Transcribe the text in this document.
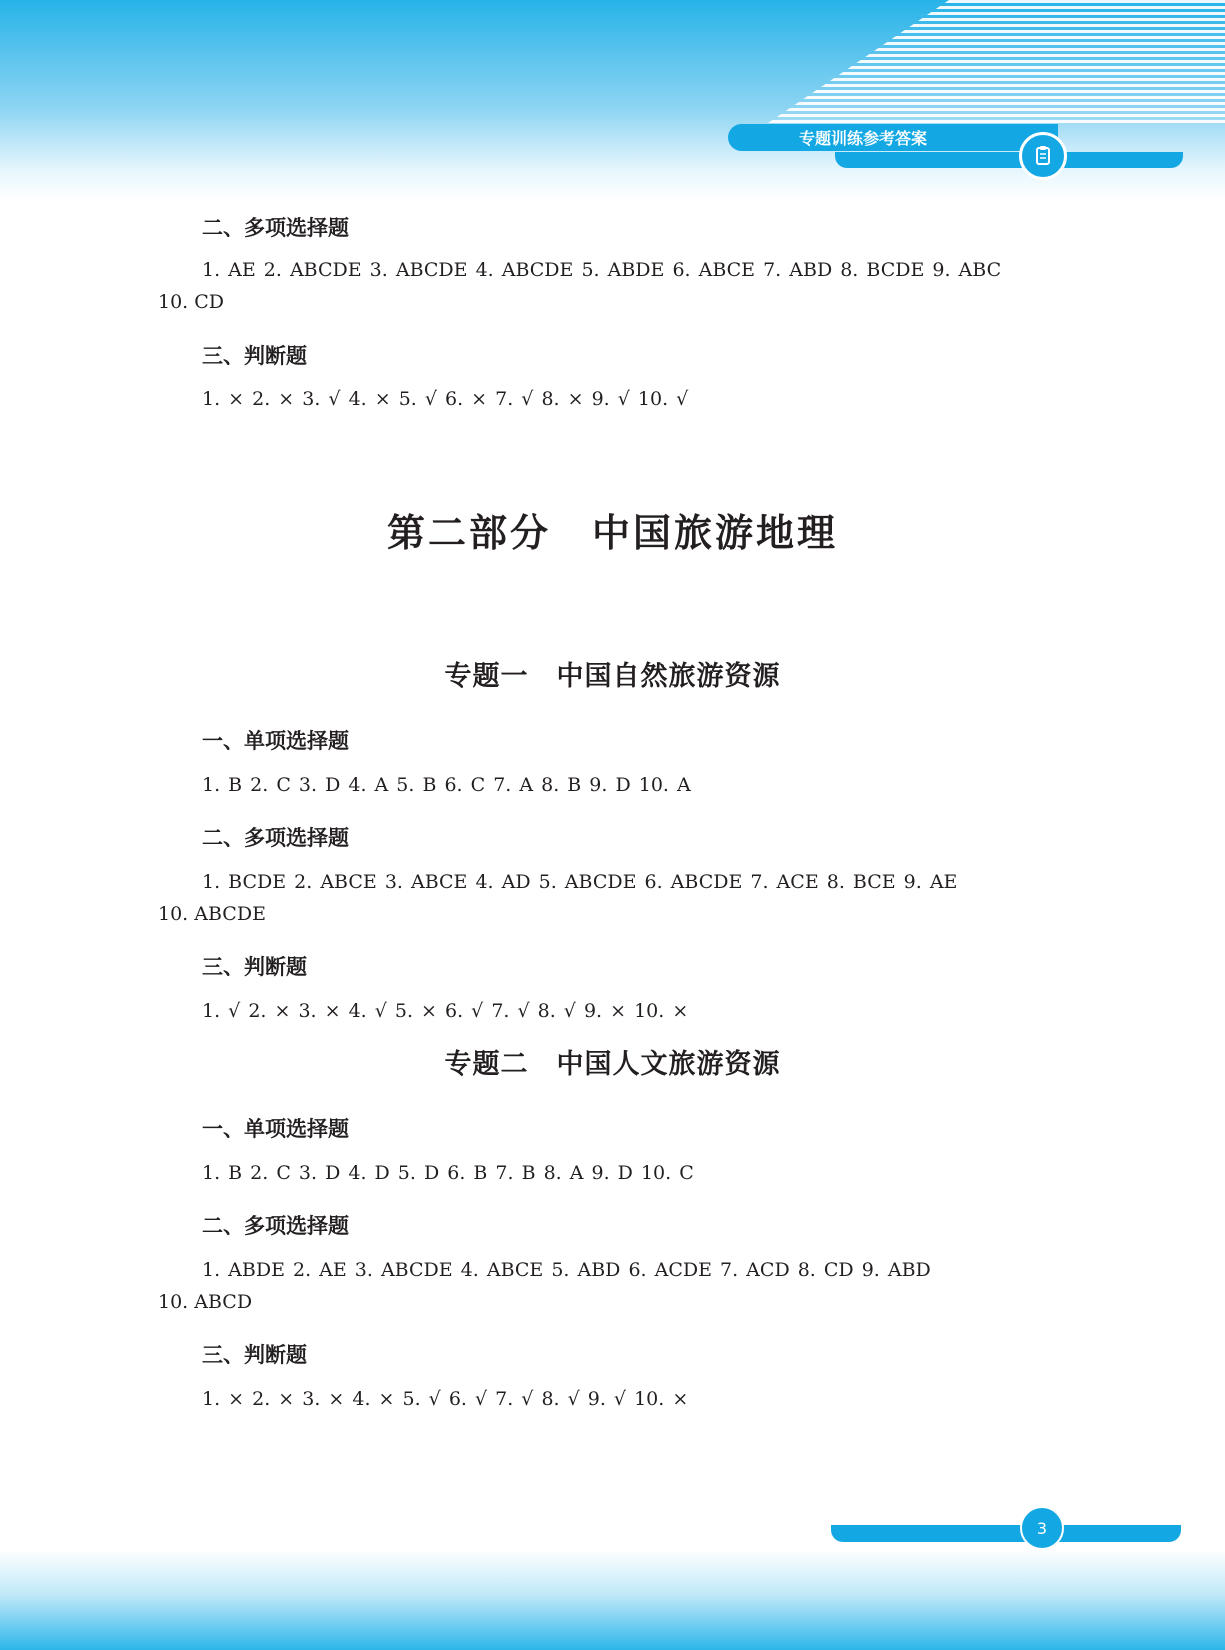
专题训练参考答案
二、多项选择题
1. AE 2. ABCDE 3. ABCDE 4. ABCDE 5. ABDE 6. ABCE 7. ABD 8. BCDE 9. ABC
10. CD
三、判断题
1. × 2. × 3. √ 4. × 5. √ 6. × 7. √ 8. × 9. √ 10. √
第二部分　中国旅游地理
专题一　中国自然旅游资源
一、单项选择题
1. B 2. C 3. D 4. A 5. B 6. C 7. A 8. B 9. D 10. A
二、多项选择题
1. BCDE 2. ABCE 3. ABCE 4. AD 5. ABCDE 6. ABCDE 7. ACE 8. BCE 9. AE
10. ABCDE
三、判断题
1. √ 2. × 3. × 4. √ 5. × 6. √ 7. √ 8. √ 9. × 10. ×
专题二　中国人文旅游资源
一、单项选择题
1. B 2. C 3. D 4. D 5. D 6. B 7. B 8. A 9. D 10. C
二、多项选择题
1. ABDE 2. AE 3. ABCDE 4. ABCE 5. ABD 6. ACDE 7. ACD 8. CD 9. ABD
10. ABCD
三、判断题
1. × 2. × 3. × 4. × 5. √ 6. √ 7. √ 8. √ 9. √ 10. ×
3
